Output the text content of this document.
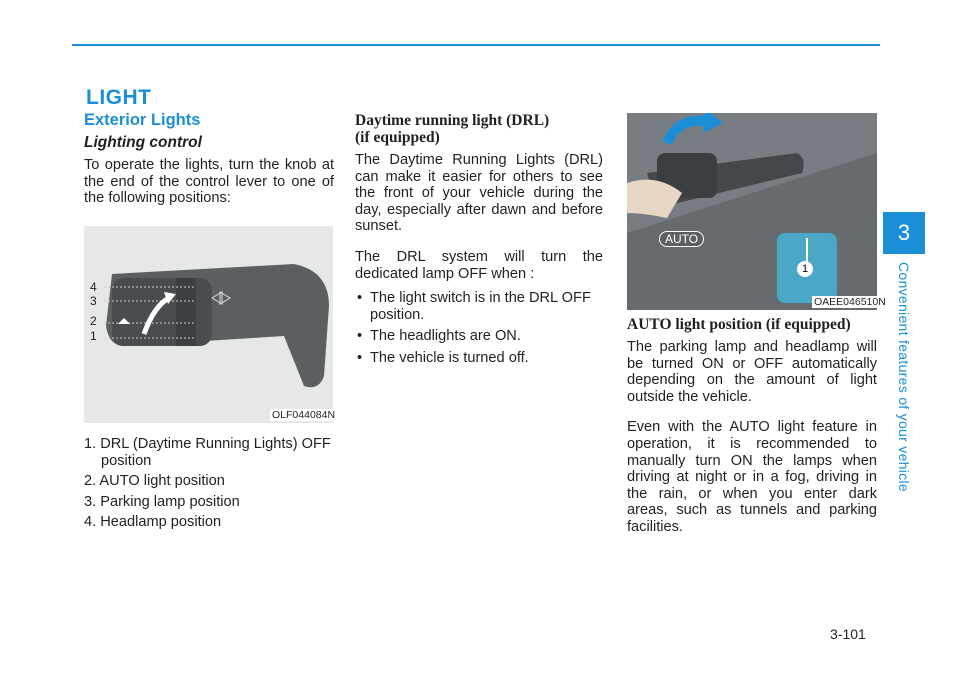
LIGHT
Exterior Lights
Lighting control

To operate the lights, turn the knob at the end of the control lever to one of the following positions:

4
3
2
1
OLF044084N
1. DRL (Daytime Running Lights) OFF position
2. AUTO light position
3. Parking lamp position
4. Headlamp position
Daytime running light (DRL)
(if equipped)

The Daytime Running Lights (DRL) can make it easier for others to see the front of your vehicle during the day, especially after dawn and before sunset.

The DRL system will turn the dedicated lamp OFF when :

• The light switch is in the DRL OFF position.
• The headlights are ON.
• The vehicle is turned off.
AUTO
1
OAEE046510N
AUTO light position (if equipped)

The parking lamp and headlamp will be turned ON or OFF automatically depending on the amount of light outside the vehicle.

Even with the AUTO light feature in operation, it is recommended to manually turn ON the lamps when driving at night or in a fog, driving in the rain, or when you enter dark areas, such as tunnels and parking facilities.

3
Convenient features of your vehicle
3-101
